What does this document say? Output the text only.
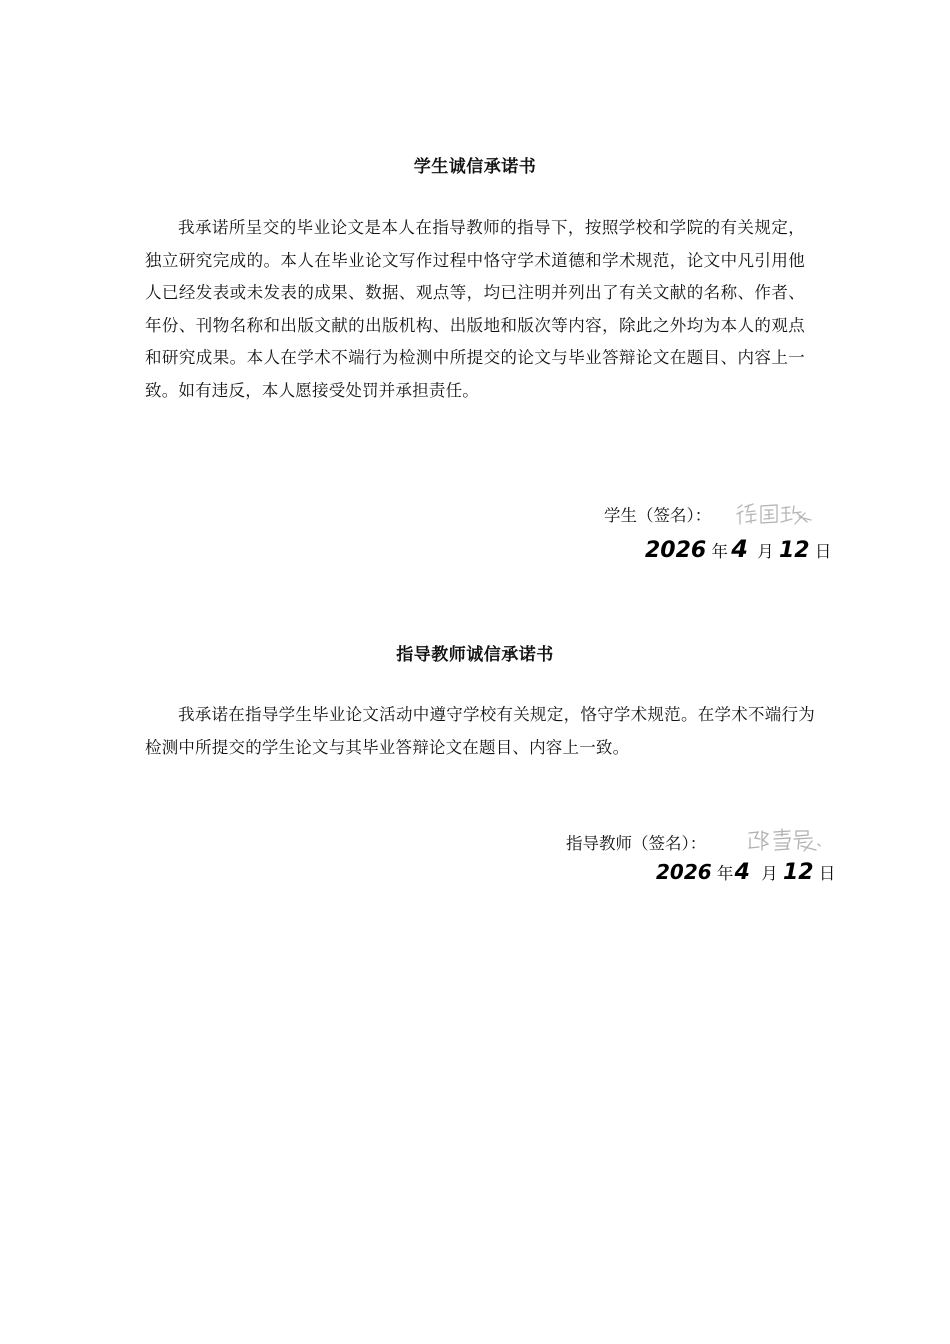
学生诚信承诺书
我承诺所呈交的毕业论文是本人在指导教师的指导下，按照学校和学院的有关规定，独立研究完成的。本人在毕业论文写作过程中恪守学术道德和学术规范，论文中凡引用他人已经发表或未发表的成果、数据、观点等，均已注明并列出了有关文献的名称、作者、年份、刊物名称和出版文献的出版机构、出版地和版次等内容，除此之外均为本人的观点和研究成果。本人在学术不端行为检测中所提交的论文与毕业答辩论文在题目、内容上一致。如有违反，本人愿接受处罚并承担责任。
学生（签名）：
2026 年 4 月 12 日
指导教师诚信承诺书
我承诺在指导学生毕业论文活动中遵守学校有关规定，恪守学术规范。在学术不端行为检测中所提交的学生论文与其毕业答辩论文在题目、内容上一致。
指导教师（签名）：
2026 年 4 月 12 日
